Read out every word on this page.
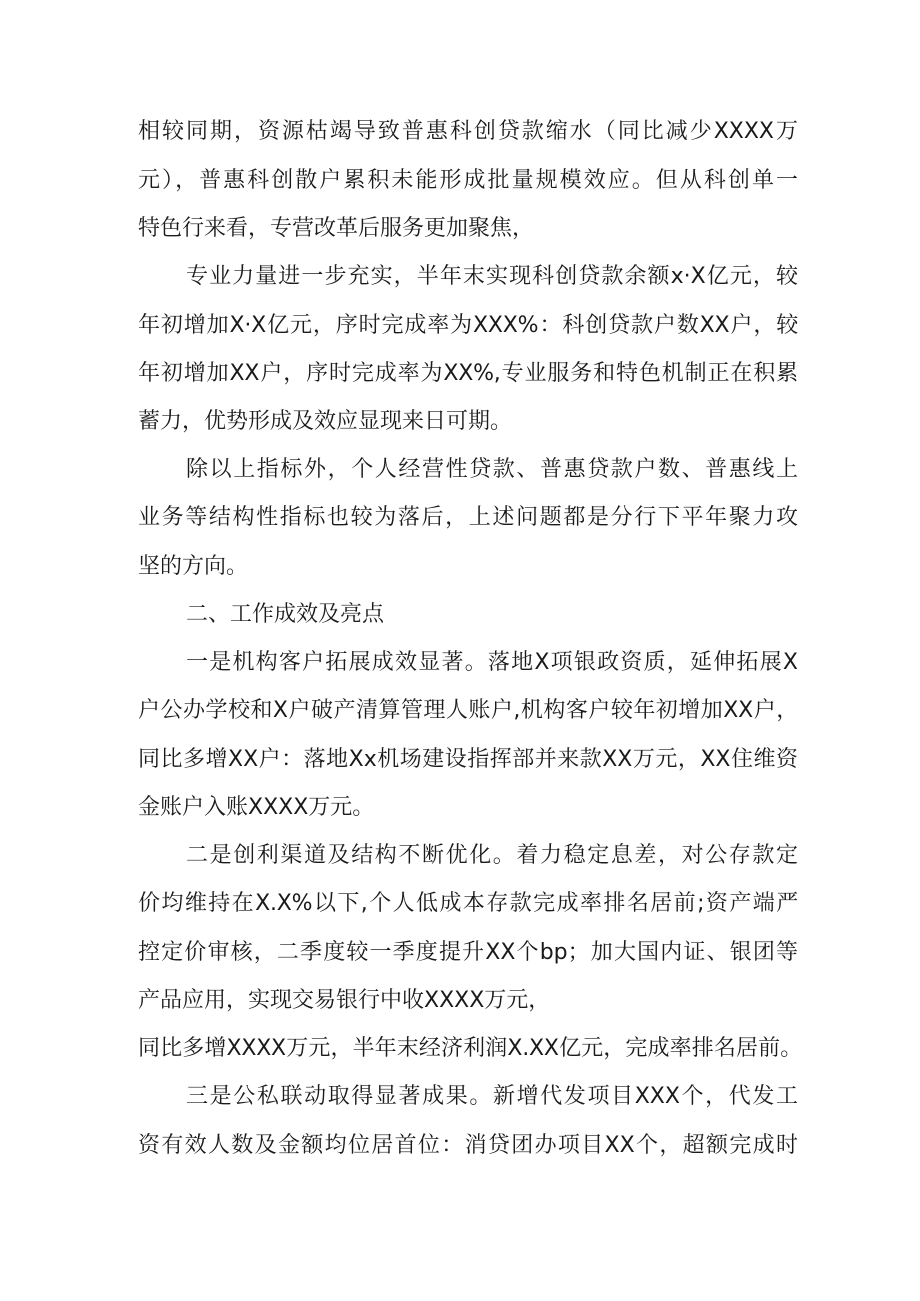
相较同期，资源枯竭导致普惠科创贷款缩水（同比减少XXXX万
元），普惠科创散户累积未能形成批量规模效应。但从科创单一
特色行来看，专营改革后服务更加聚焦，
专业力量进一步充实，半年末实现科创贷款余额x·X亿元，较
年初增加X·X亿元，序时完成率为XXX%：科创贷款户数XX户，较
年初增加XX户，序时完成率为XX%,专业服务和特色机制正在积累
蓄力，优势形成及效应显现来日可期。
除以上指标外，个人经营性贷款、普惠贷款户数、普惠线上
业务等结构性指标也较为落后，上述问题都是分行下平年聚力攻
坚的方向。
二、工作成效及亮点
一是机构客户拓展成效显著。落地X项银政资质，延伸拓展X
户公办学校和X户破产清算管理人账户,机构客户较年初增加XX户，
同比多增XX户：落地Xx机场建设指挥部并来款XX万元，XX住维资
金账户入账XXXX万元。
二是创利渠道及结构不断优化。着力稳定息差，对公存款定
价均维持在X.X%以下,个人低成本存款完成率排名居前;资产端严
控定价审核，二季度较一季度提升XX个bp；加大国内证、银团等
产品应用，实现交易银行中收XXXX万元，
同比多增XXXX万元，半年末经济利润X.XX亿元，完成率排名居前。
三是公私联动取得显著成果。新增代发项目XXX个，代发工
资有效人数及金额均位居首位：消贷团办项目XX个，超额完成时
